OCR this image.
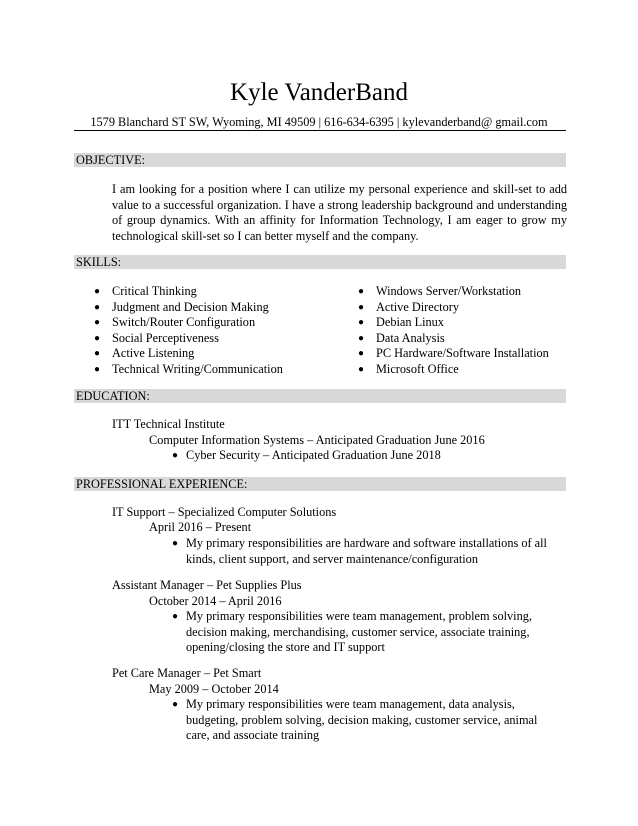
Kyle VanderBand
1579 Blanchard ST SW, Wyoming, MI 49509 | 616-634-6395 | kylevanderband@ gmail.com
OBJECTIVE:
I am looking for a position where I can utilize my personal experience and skill-set to add value to a successful organization. I have a strong leadership background and understanding of group dynamics. With an affinity for Information Technology, I am eager to grow my technological skill-set so I can better myself and the company.
SKILLS:
● Critical Thinking
● Judgment and Decision Making
● Switch/Router Configuration
● Social Perceptiveness
● Active Listening
● Technical Writing/Communication
● Windows Server/Workstation
● Active Directory
● Debian Linux
● Data Analysis
● PC Hardware/Software Installation
● Microsoft Office
EDUCATION:
ITT Technical Institute
Computer Information Systems – Anticipated Graduation June 2016
● Cyber Security – Anticipated Graduation June 2018
PROFESSIONAL EXPERIENCE:
IT Support – Specialized Computer Solutions
April 2016 – Present
● My primary responsibilities are hardware and software installations of all kinds, client support, and server maintenance/configuration
Assistant Manager – Pet Supplies Plus
October 2014 – April 2016
● My primary responsibilities were team management, problem solving, decision making, merchandising, customer service, associate training, opening/closing the store and IT support
Pet Care Manager – Pet Smart
May 2009 – October 2014
● My primary responsibilities were team management, data analysis, budgeting, problem solving, decision making, customer service, animal care, and associate training
